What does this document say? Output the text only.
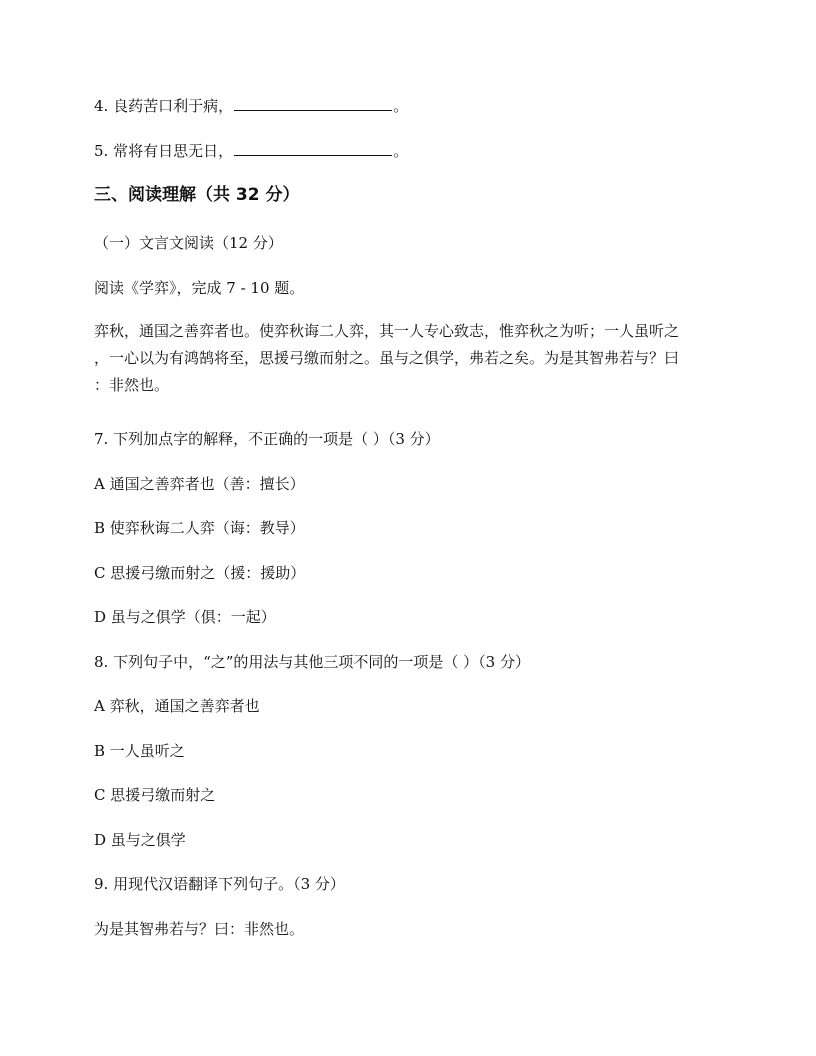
4. 良药苦口利于病，	。
5. 常将有日思无日，	。
三、阅读理解（共 32 分）
（一）文言文阅读（12 分）
阅读《学弈》，完成 7 - 10 题。
弈秋，通国之善弈者也。使弈秋诲二人弈，其一人专心致志，惟弈秋之为听；一人虽听之
，一心以为有鸿鹄将至，思援弓缴而射之。虽与之俱学，弗若之矣。为是其智弗若与？曰
：非然也。
7. 下列加点字的解释，不正确的一项是（ ）（3 分）
A 通国之善弈者也（善：擅长）
B 使弈秋诲二人弈（诲：教导）
C 思援弓缴而射之（援：援助）
D 虽与之俱学（俱：一起）
8. 下列句子中，“之”的用法与其他三项不同的一项是（ ）（3 分）
A 弈秋，通国之善弈者也
B 一人虽听之
C 思援弓缴而射之
D 虽与之俱学
9. 用现代汉语翻译下列句子。（3 分）
为是其智弗若与？曰：非然也。
